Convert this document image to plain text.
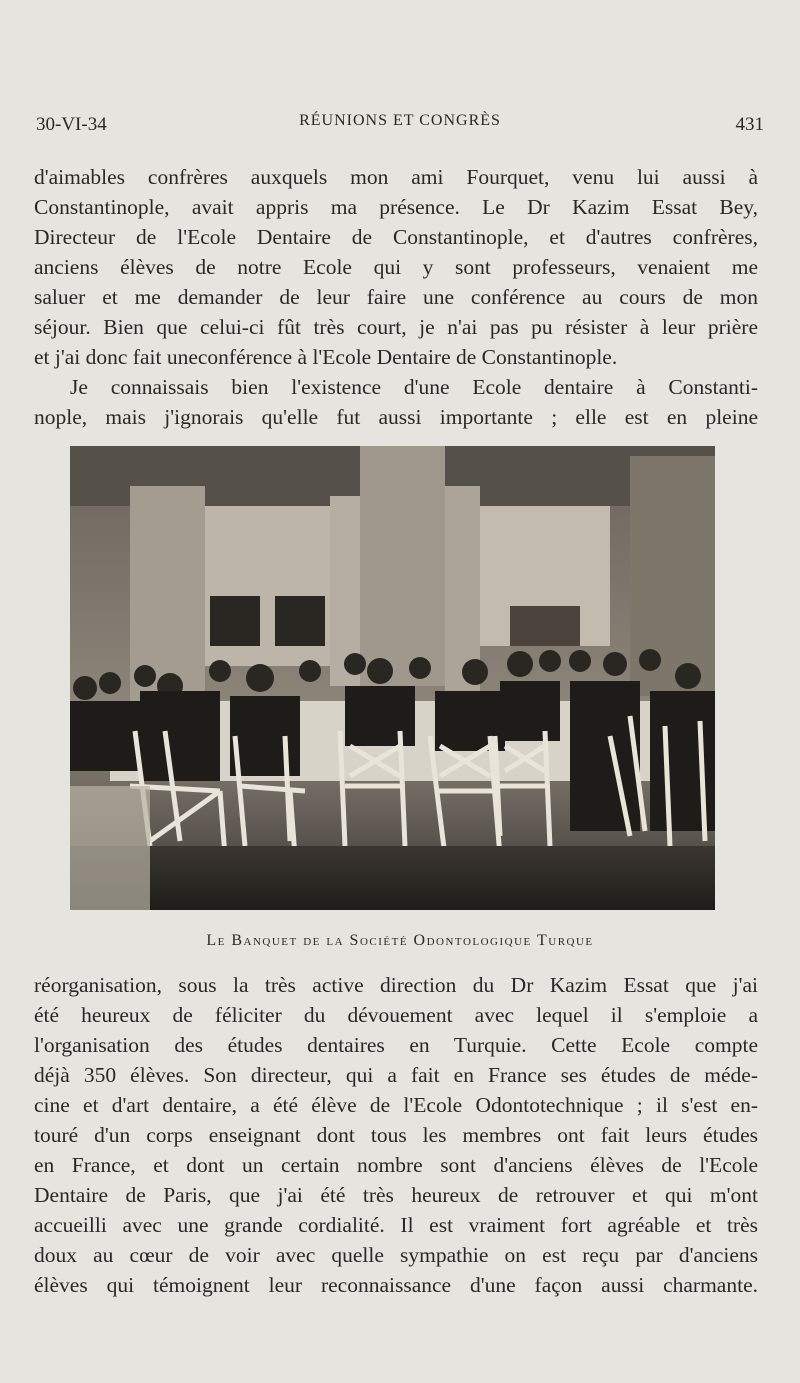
30-VI-34	RÉUNIONS ET CONGRÈS	431
d'aimables confrères auxquels mon ami Fourquet, venu lui aussi à
Constantinople, avait appris ma présence. Le Dr Kazim Essat Bey,
Directeur de l'Ecole Dentaire de Constantinople, et d'autres confrères,
anciens élèves de notre Ecole qui y sont professeurs, venaient me
saluer et me demander de leur faire une conférence au cours de mon
séjour. Bien que celui-ci fût très court, je n'ai pas pu résister à leur prière
et j'ai donc fait uneconférence à l'Ecole Dentaire de Constantinople.
Je connaissais bien l'existence d'une Ecole dentaire à Constanti-
nople, mais j'ignorais qu'elle fut aussi importante ; elle est en pleine
Le Banquet de la Société Odontologique Turque
réorganisation, sous la très active direction du Dr Kazim Essat que j'ai
été heureux de féliciter du dévouement avec lequel il s'emploie a
l'organisation des études dentaires en Turquie. Cette Ecole compte
déjà 350 élèves. Son directeur, qui a fait en France ses études de méde-
cine et d'art dentaire, a été élève de l'Ecole Odontotechnique ; il s'est en-
touré d'un corps enseignant dont tous les membres ont fait leurs études
en France, et dont un certain nombre sont d'anciens élèves de l'Ecole
Dentaire de Paris, que j'ai été très heureux de retrouver et qui m'ont
accueilli avec une grande cordialité. Il est vraiment fort agréable et très
doux au cœur de voir avec quelle sympathie on est reçu par d'anciens
élèves qui témoignent leur reconnaissance d'une façon aussi charmante.
